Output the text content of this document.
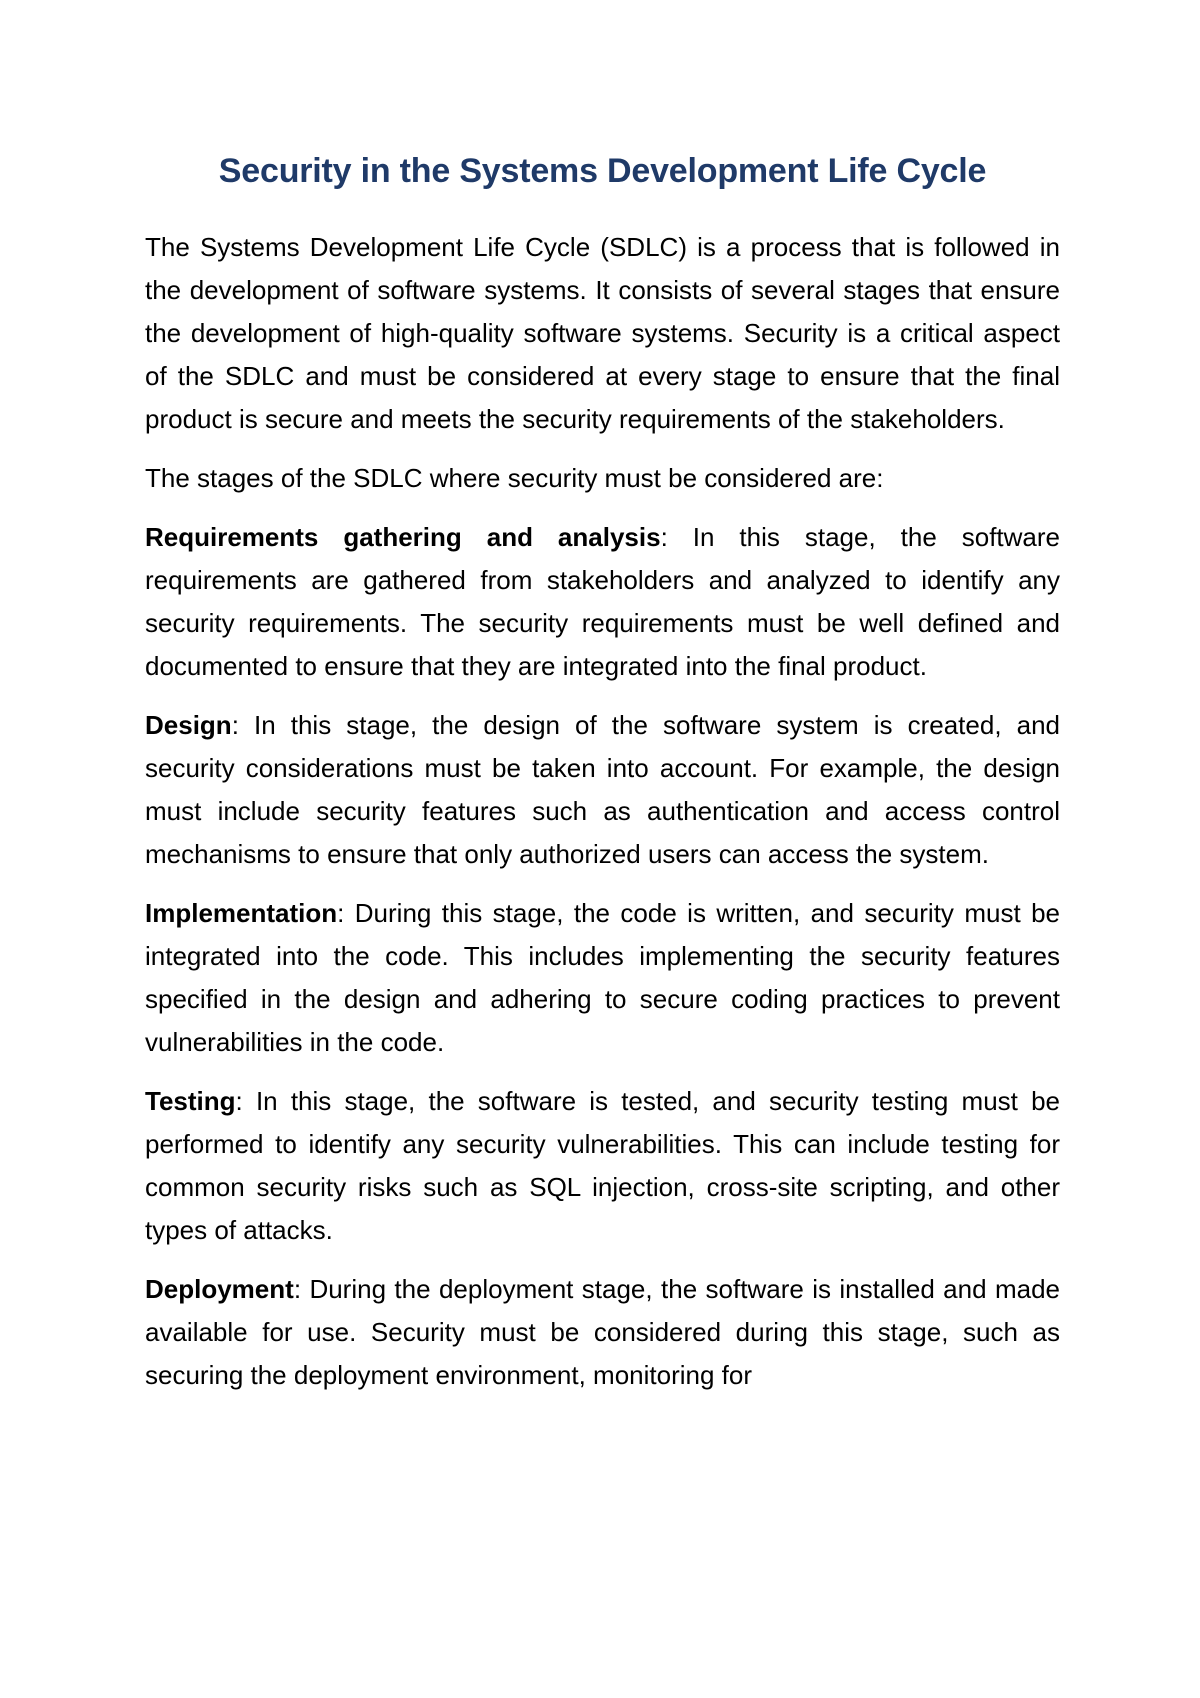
Security in the Systems Development Life Cycle

The Systems Development Life Cycle (SDLC) is a process that is followed in the development of software systems. It consists of several stages that ensure the development of high-quality software systems. Security is a critical aspect of the SDLC and must be considered at every stage to ensure that the final product is secure and meets the security requirements of the stakeholders.

The stages of the SDLC where security must be considered are:

Requirements gathering and analysis: In this stage, the software requirements are gathered from stakeholders and analyzed to identify any security requirements. The security requirements must be well defined and documented to ensure that they are integrated into the final product.

Design: In this stage, the design of the software system is created, and security considerations must be taken into account. For example, the design must include security features such as authentication and access control mechanisms to ensure that only authorized users can access the system.

Implementation: During this stage, the code is written, and security must be integrated into the code. This includes implementing the security features specified in the design and adhering to secure coding practices to prevent vulnerabilities in the code.

Testing: In this stage, the software is tested, and security testing must be performed to identify any security vulnerabilities. This can include testing for common security risks such as SQL injection, cross-site scripting, and other types of attacks.

Deployment: During the deployment stage, the software is installed and made available for use. Security must be considered during this stage, such as securing the deployment environment, monitoring for
